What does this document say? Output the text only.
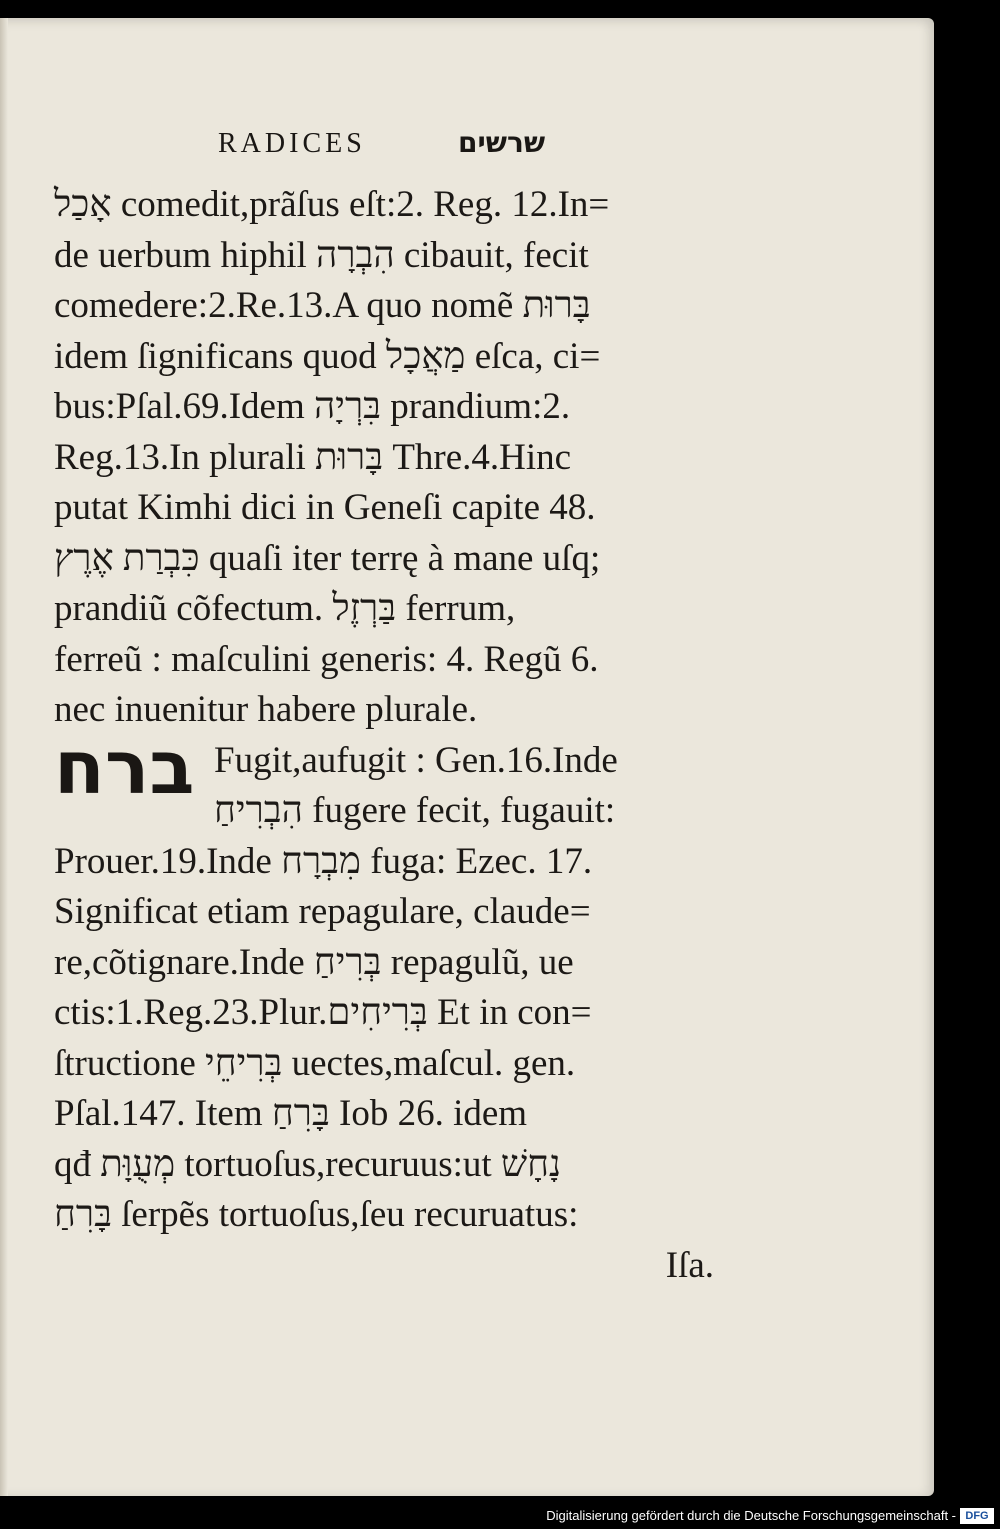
RADICES	שרשים
אָכַל comedit,prãſus eſt:2. Reg. 12.In=
de uerbum hiphil הִבְרָה cibauit, fecit
comedere:2.Re.13.A quo nomẽ בָּרוּת
idem ſignificans quod מַאֲכָל eſca, ci=
bus:Pſal.69.Idem בִּרְיָה prandium:2.
Reg.13.In plurali בָּרוּת Thre.4.Hinc
putat Kimhi dici in Geneſi capite 48.
כִּבְרַת אֶרֶץ quaſi iter terrę à mane uſq;
prandiũ cõfectum. בַּרְזֶל ferrum,
ferreũ : maſculini generis: 4. Regũ 6.
nec inuenitur habere plurale.
Fugit,aufugit : Gen.16.Inde
הִבְרִיחַ fugere fecit, fugauit:
Prouer.19.Inde מִבְרָח fuga: Ezec. 17.
Significat etiam repagulare, claude=
re,cõtignare.Inde בְּרִיחַ repagulũ, ue
ctis:1.Reg.23.Plur.בְּרִיחִים Et in con=
ſtructione בְּרִיחֵי uectes,maſcul. gen.
Pſal.147. Item בָּרִחַ Iob 26. idem
qđ מְעֻוָּת tortuoſus,recuruus:ut נָחָשׁ
בָּרִחַ ſerpẽs tortuoſus,ſeu recuruatus:
Iſa.
ברח
Digitalisierung gefördert durch die Deutsche Forschungsgemeinschaft - DFG
